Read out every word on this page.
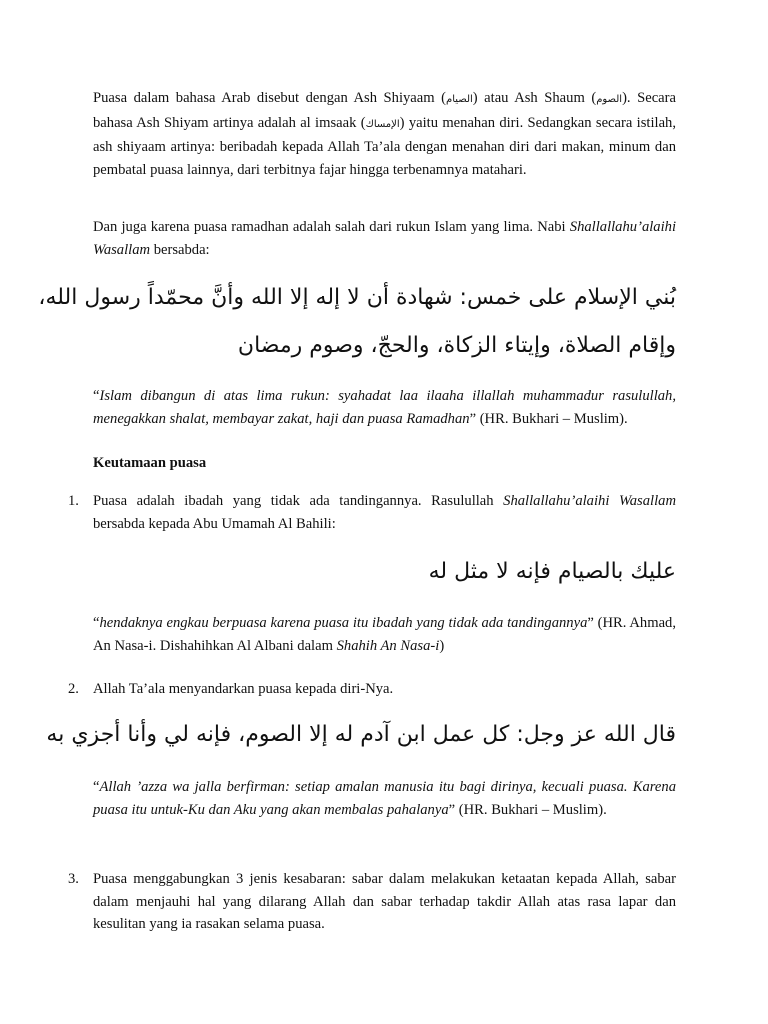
Puasa dalam bahasa Arab disebut dengan Ash Shiyaam (الصيام) atau Ash Shaum (الصوم). Secara bahasa Ash Shiyam artinya adalah al imsaak (الإمساك) yaitu menahan diri. Sedangkan secara istilah, ash shiyaam artinya: beribadah kepada Allah Ta’ala dengan menahan diri dari makan, minum dan pembatal puasa lainnya, dari terbitnya fajar hingga terbenamnya matahari.

Dan juga karena puasa ramadhan adalah salah dari rukun Islam yang lima. Nabi Shallallahu’alaihi Wasallam bersabda:

بُني الإسلام على خمس: شهادة أن لا إله إلا الله وأنَّ محمّداً رسول الله،
وإقام الصلاة، وإيتاء الزكاة، والحجّ، وصوم رمضان

“Islam dibangun di atas lima rukun: syahadat laa ilaaha illallah muhammadur rasulullah, menegakkan shalat, membayar zakat, haji dan puasa Ramadhan” (HR. Bukhari – Muslim).

Keutamaan puasa
1. Puasa adalah ibadah yang tidak ada tandingannya. Rasulullah Shallallahu’alaihi Wasallam bersabda kepada Abu Umamah Al Bahili:

عليك بالصيام فإنه لا مثل له

“hendaknya engkau berpuasa karena puasa itu ibadah yang tidak ada tandingannya” (HR. Ahmad, An Nasa-i. Dishahihkan Al Albani dalam Shahih An Nasa-i)

2. Allah Ta’ala menyandarkan puasa kepada diri-Nya.

قال الله عز وجل: كل عمل ابن آدم له إلا الصوم، فإنه لي وأنا أجزي به

“Allah ’azza wa jalla berfirman: setiap amalan manusia itu bagi dirinya, kecuali puasa. Karena puasa itu untuk-Ku dan Aku yang akan membalas pahalanya” (HR. Bukhari – Muslim).

3. Puasa menggabungkan 3 jenis kesabaran: sabar dalam melakukan ketaatan kepada Allah, sabar dalam menjauhi hal yang dilarang Allah dan sabar terhadap takdir Allah atas rasa lapar dan kesulitan yang ia rasakan selama puasa.
